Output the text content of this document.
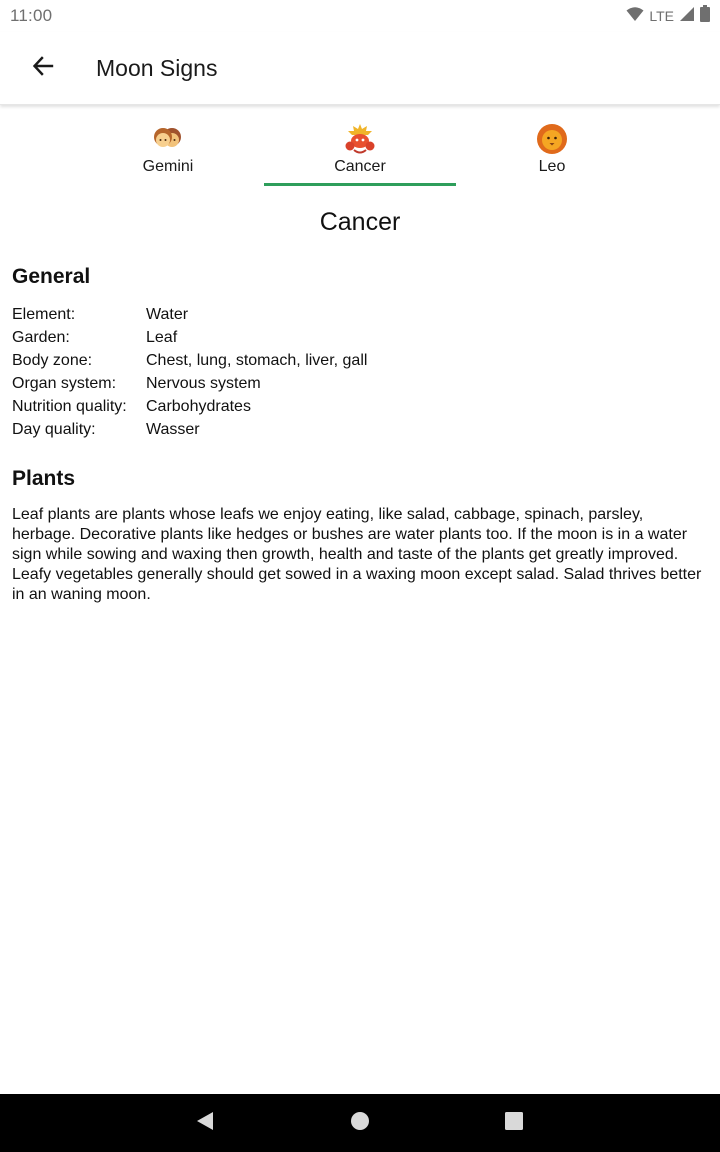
11:00	LTE
Moon Signs
Gemini	Cancer	Leo
Cancer
General
Element:	Water
Garden:	Leaf
Body zone:	Chest, lung, stomach, liver, gall
Organ system:	Nervous system
Nutrition quality:	Carbohydrates
Day quality:	Wasser
Plants
Leaf plants are plants whose leafs we enjoy eating, like salad, cabbage, spinach, parsley, herbage. Decorative plants like hedges or bushes are water plants too. If the moon is in a water sign while sowing and waxing then growth, health and taste of the plants get greatly improved. Leafy vegetables generally should get sowed in a waxing moon except salad. Salad thrives better in an waning moon.
